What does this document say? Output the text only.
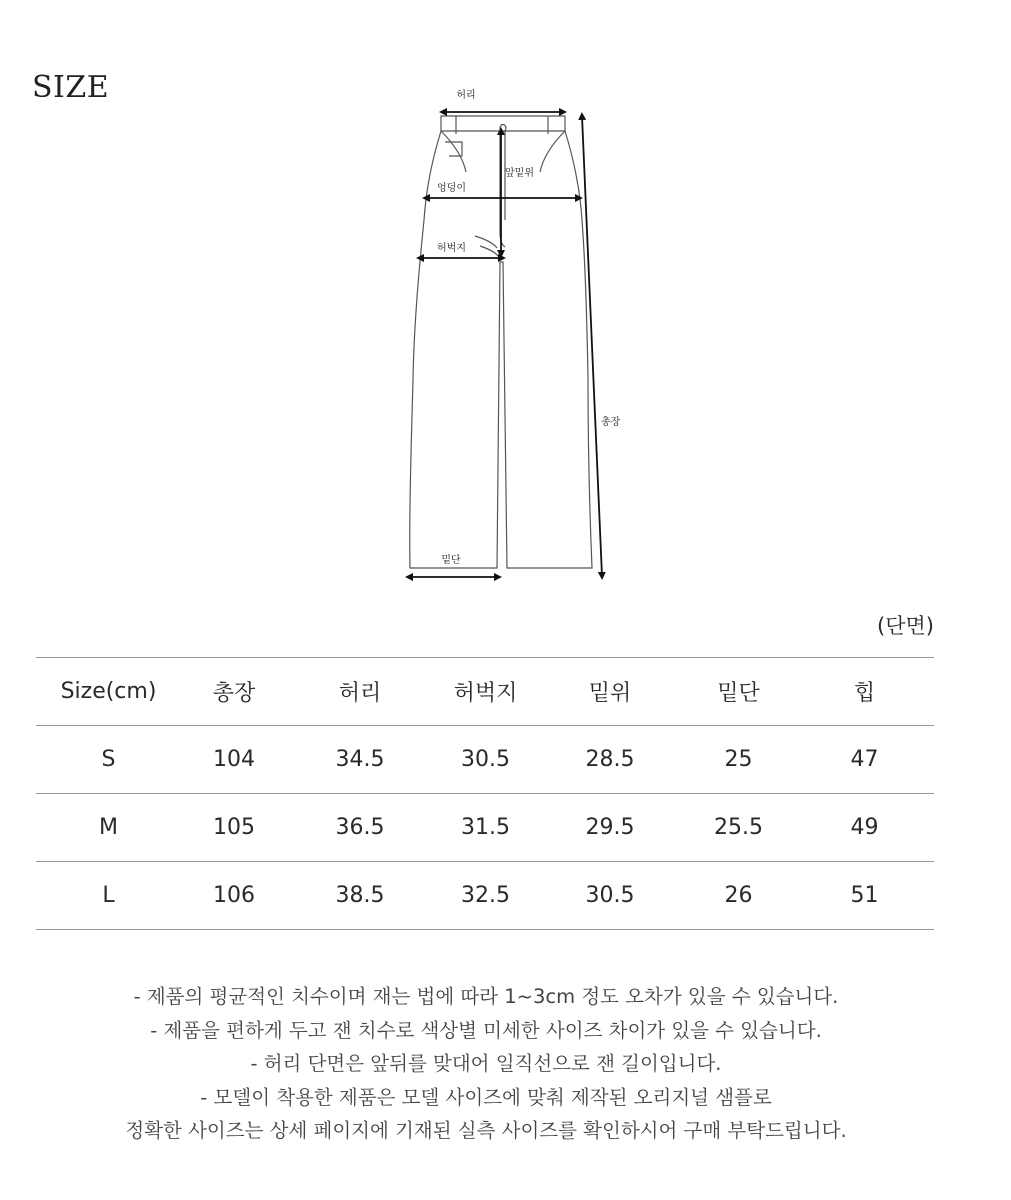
SIZE	허리
앞밑위
엉덩이
허벅지
총장
밑단
(단면)
Size(cm)	총장	허리	허벅지	밑위	밑단	힙
S	104	34.5	30.5	28.5	25	47
M	105	36.5	31.5	29.5	25.5	49
L	106	38.5	32.5	30.5	26	51
- 제품의 평균적인 치수이며 재는 법에 따라 1~3cm 정도 오차가 있을 수 있습니다.
- 제품을 편하게 두고 잰 치수로 색상별 미세한 사이즈 차이가 있을 수 있습니다.
- 허리 단면은 앞뒤를 맞대어 일직선으로 잰 길이입니다.
- 모델이 착용한 제품은 모델 사이즈에 맞춰 제작된 오리지널 샘플로
정확한 사이즈는 상세 페이지에 기재된 실측 사이즈를 확인하시어 구매 부탁드립니다.
